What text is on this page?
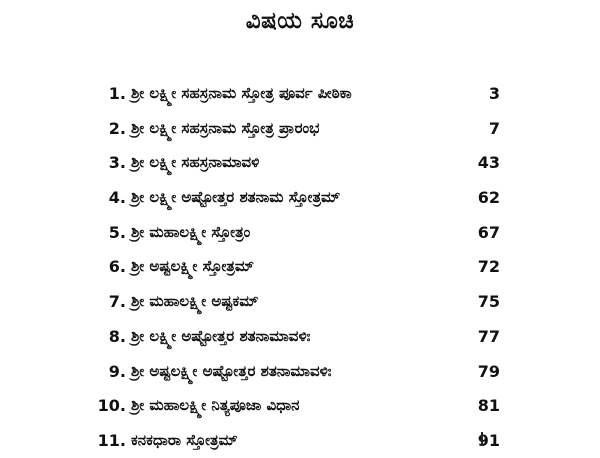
ವಿಷಯ ಸೂಚಿ
1. ಶ್ರೀ ಲಕ್ಷ್ಮೀ ಸಹಸ್ರನಾಮ ಸ್ತೋತ್ರ ಪೂರ್ವ ಪೀಠಿಕಾ	3
2. ಶ್ರೀ ಲಕ್ಷ್ಮೀ ಸಹಸ್ರನಾಮ ಸ್ತೋತ್ರ ಪ್ರಾರಂಭ	7
3. ಶ್ರೀ ಲಕ್ಷ್ಮೀ ಸಹಸ್ರನಾಮಾವಳಿ	43
4. ಶ್ರೀ ಲಕ್ಷ್ಮೀ ಅಷ್ಟೋತ್ತರ ಶತನಾಮ ಸ್ತೋತ್ರಮ್	62
5. ಶ್ರೀ ಮಹಾಲಕ್ಷ್ಮೀ ಸ್ತೋತ್ರಂ	67
6. ಶ್ರೀ ಅಷ್ಟಲಕ್ಷ್ಮೀ ಸ್ತೋತ್ರಮ್	72
7. ಶ್ರೀ ಮಹಾಲಕ್ಷ್ಮೀ ಅಷ್ಟಕಮ್	75
8. ಶ್ರೀ ಲಕ್ಷ್ಮೀ ಅಷ್ಟೋತ್ತರ ಶತನಾಮಾವಳಿಃ	77
9. ಶ್ರೀ ಅಷ್ಟಲಕ್ಷ್ಮೀ ಅಷ್ಟೋತ್ತರ ಶತನಾಮಾವಳಿಃ	79
10. ಶ್ರೀ ಮಹಾಲಕ್ಷ್ಮೀ ನಿತ್ಯಪೂಜಾ ವಿಧಾನ	81
11. ಕನಕಧಾರಾ ಸ್ತೋತ್ರಮ್	91
